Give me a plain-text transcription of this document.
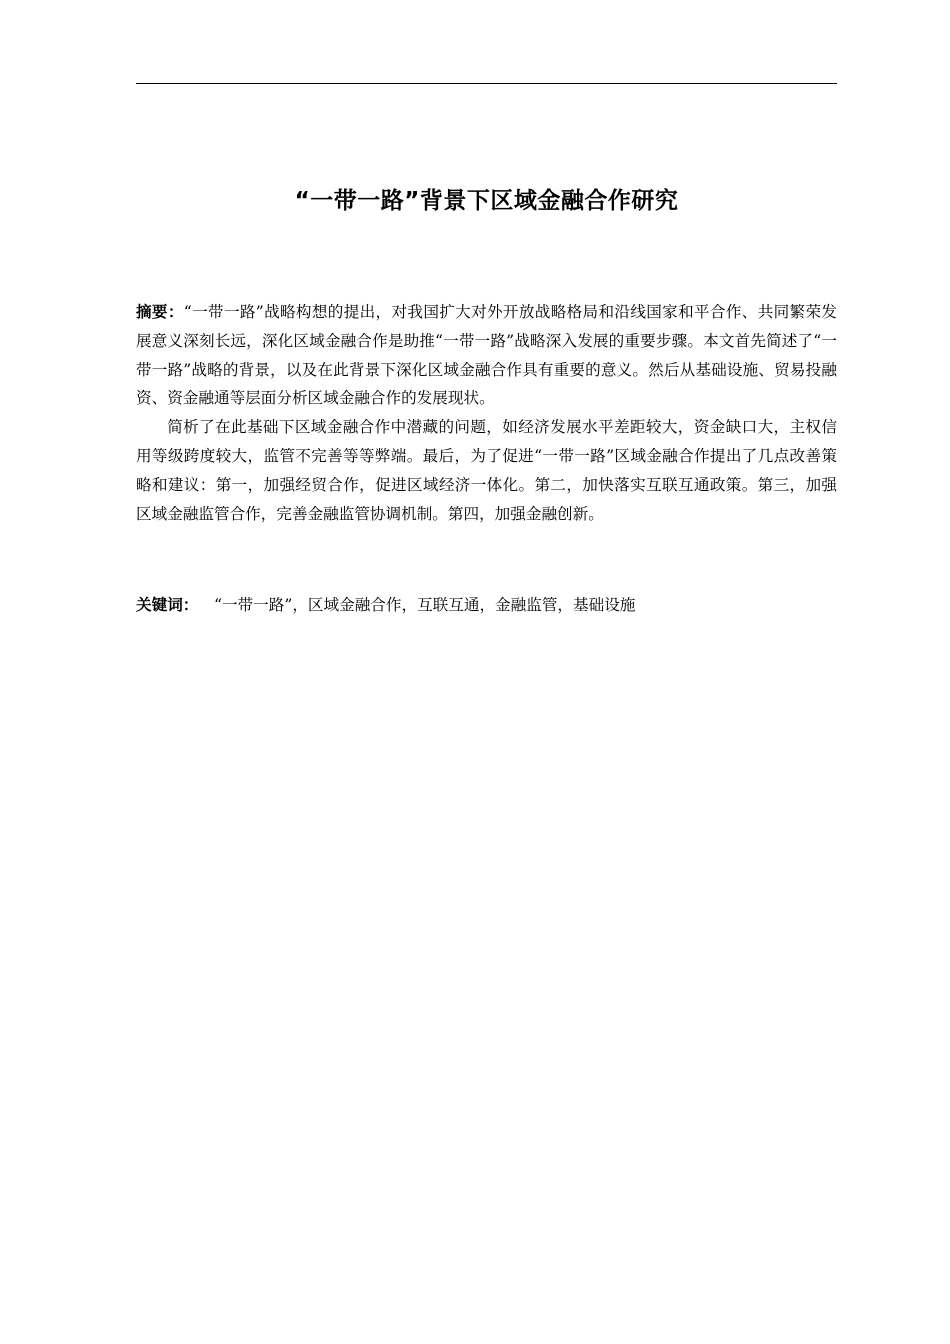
“一带一路”背景下区域金融合作研究

摘要：“一带一路”战略构想的提出，对我国扩大对外开放战略格局和沿线国家和平合作、共同繁荣发展意义深刻长远，深化区域金融合作是助推“一带一路”战略深入发展的重要步骤。本文首先简述了“一带一路”战略的背景，以及在此背景下深化区域金融合作具有重要的意义。然后从基础设施、贸易投融资、资金融通等层面分析区域金融合作的发展现状。

简析了在此基础下区域金融合作中潜藏的问题，如经济发展水平差距较大，资金缺口大，主权信用等级跨度较大，监管不完善等等弊端。最后，为了促进“一带一路”区域金融合作提出了几点改善策略和建议：第一，加强经贸合作，促进区域经济一体化。第二，加快落实互联互通政策。第三，加强区域金融监管合作，完善金融监管协调机制。第四，加强金融创新。

关键词： “一带一路”，区域金融合作，互联互通，金融监管，基础设施
